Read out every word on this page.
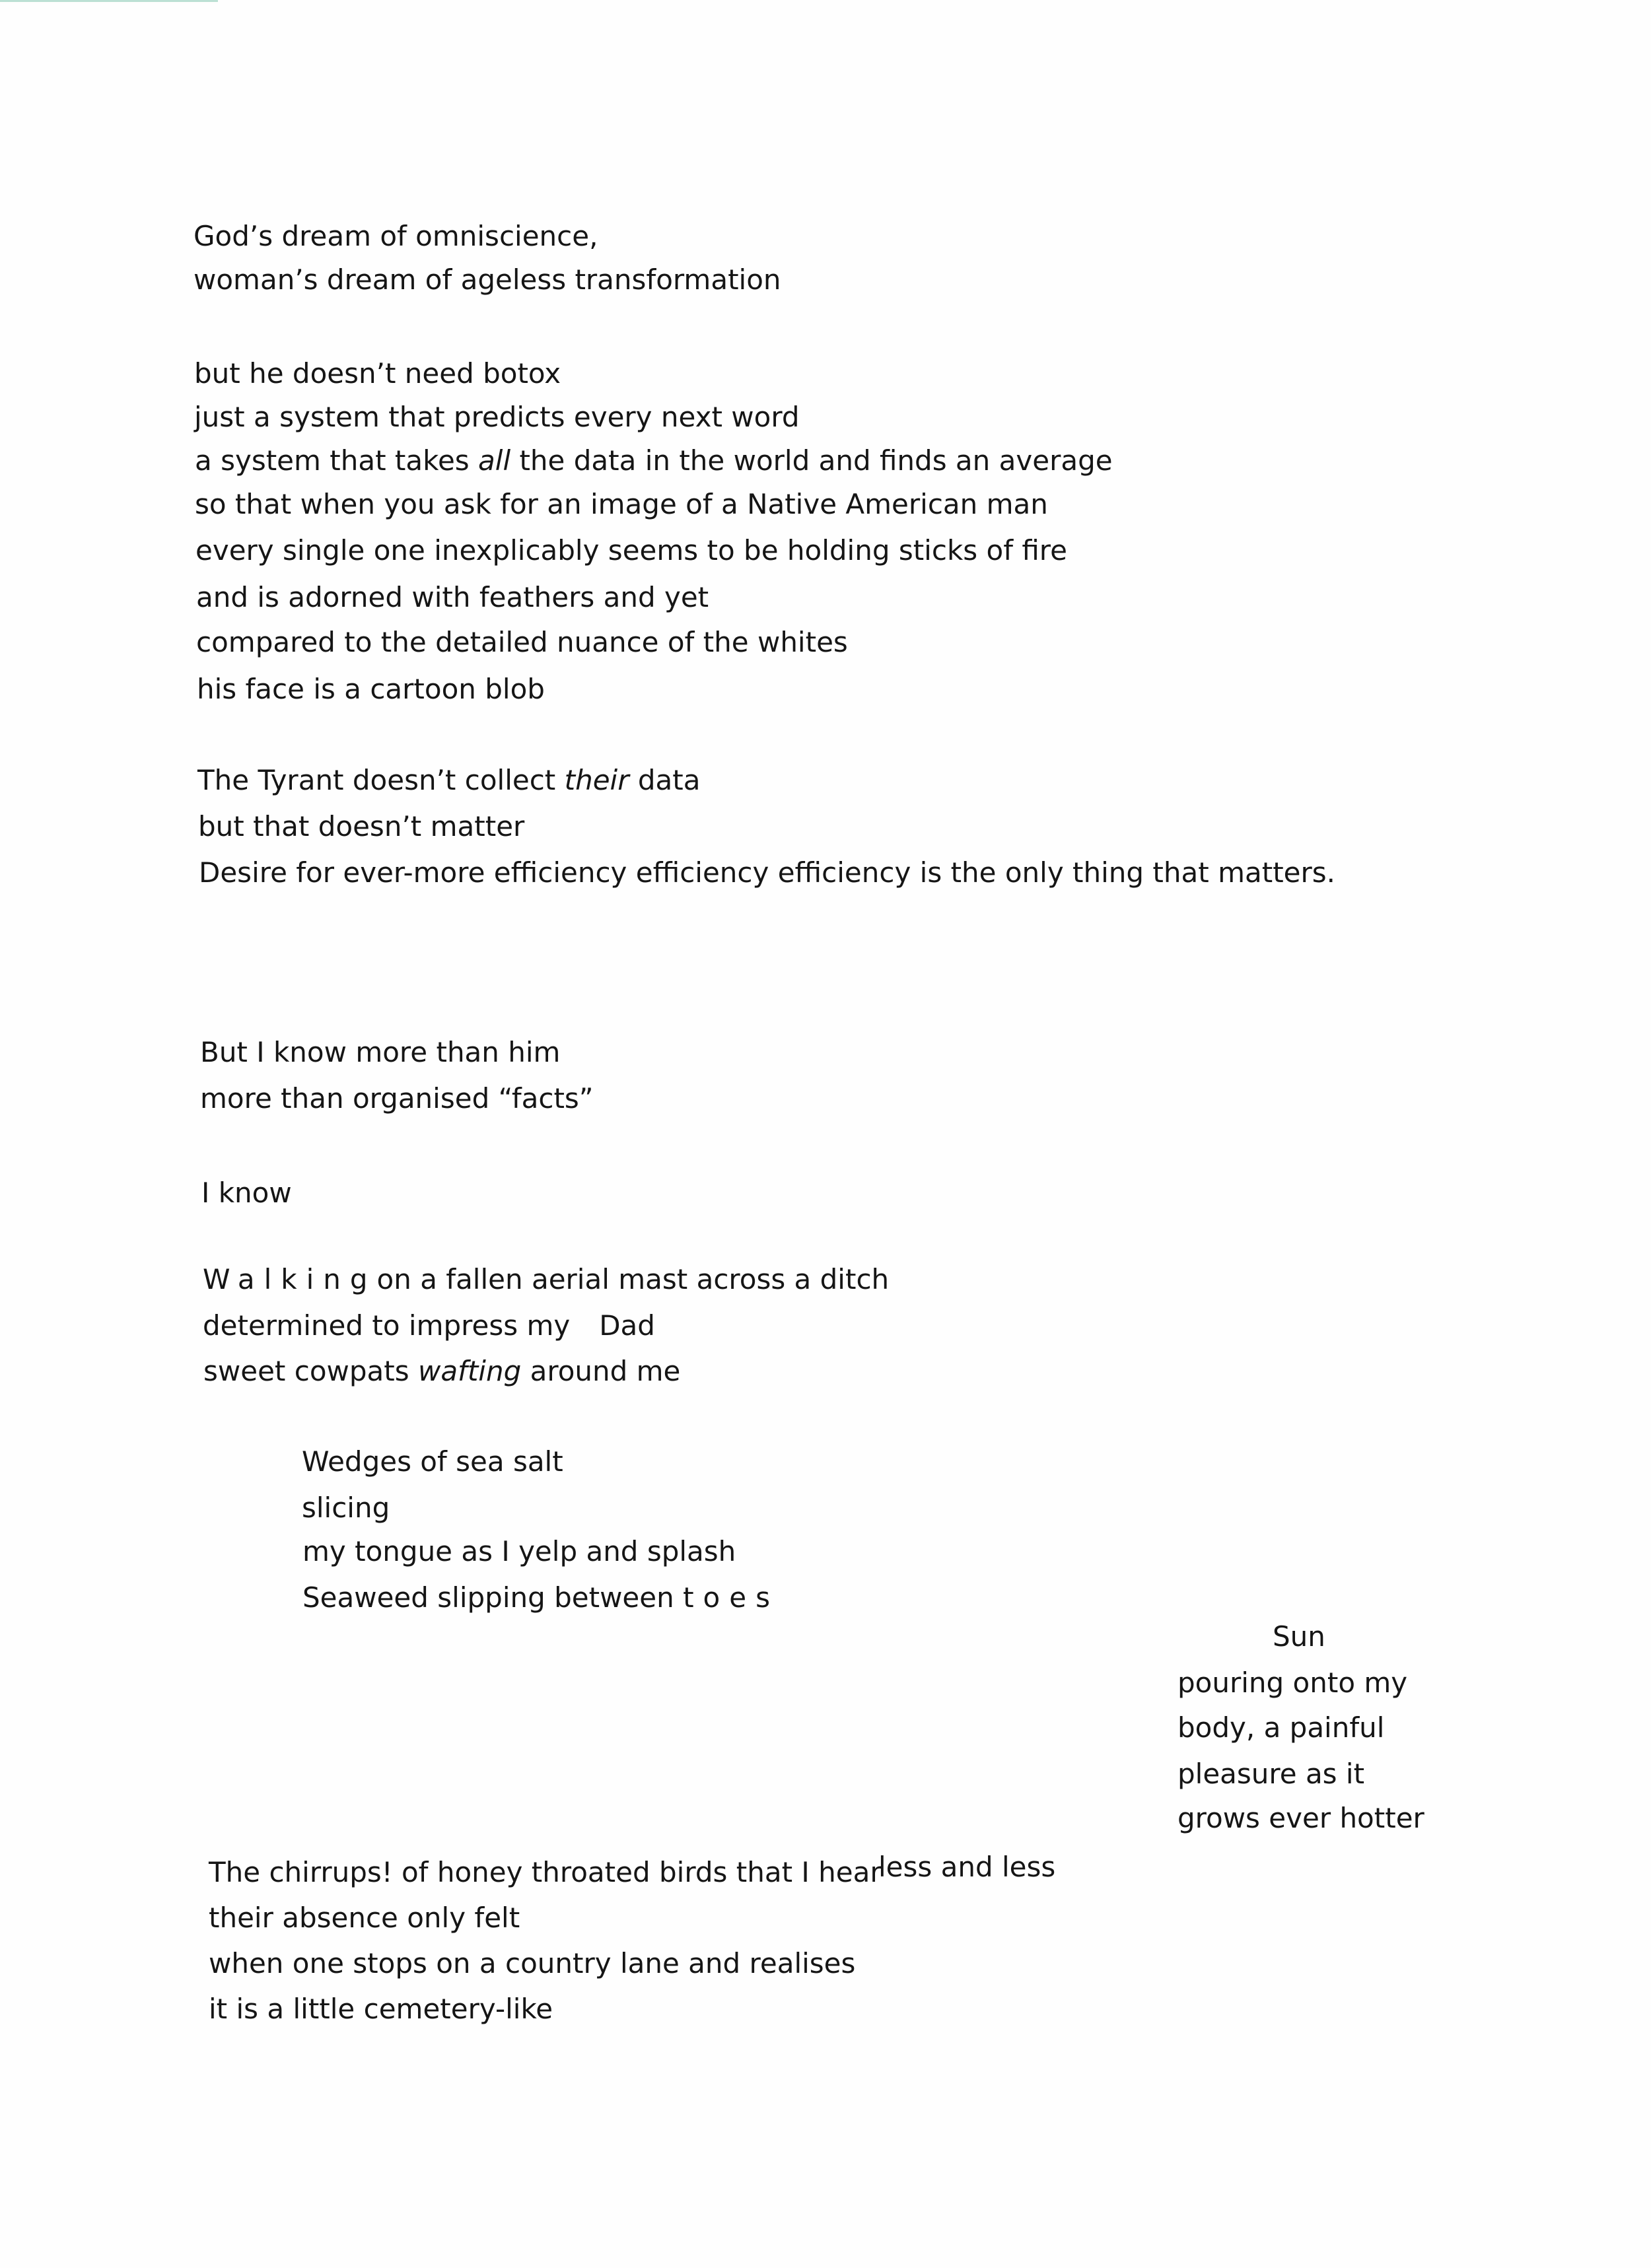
God’s dream of omniscience,

woman’s dream of ageless transformation

but he doesn’t need botox

just a system that predicts every next word

a system that takes all the data in the world and finds an average

so that when you ask for an image of a Native American man

every single one inexplicably seems to be holding sticks of fire

and is adorned with feathers and yet

compared to the detailed nuance of the whites

his face is a cartoon blob

The Tyrant doesn’t collect their data

but that doesn’t matter

Desire for ever-more efficiency efficiency efficiency is the only thing that matters.

But I know more than him

more than organised “facts”

I know

Walkingon a fallen aerial mast across a ditch

determined to impress my Dad

sweet cowpats wafting around me

Wedges of sea salt

slicing

my tongue as I yelp and splash

Seaweed slipping between toes

Sun

pouring onto my

body, a painful

pleasure as it

grows ever hotter

The chirrups! of honey throated birds that I hear

less and less

their absence only felt

when one stops on a country lane and realises

it is a little cemetery-like
